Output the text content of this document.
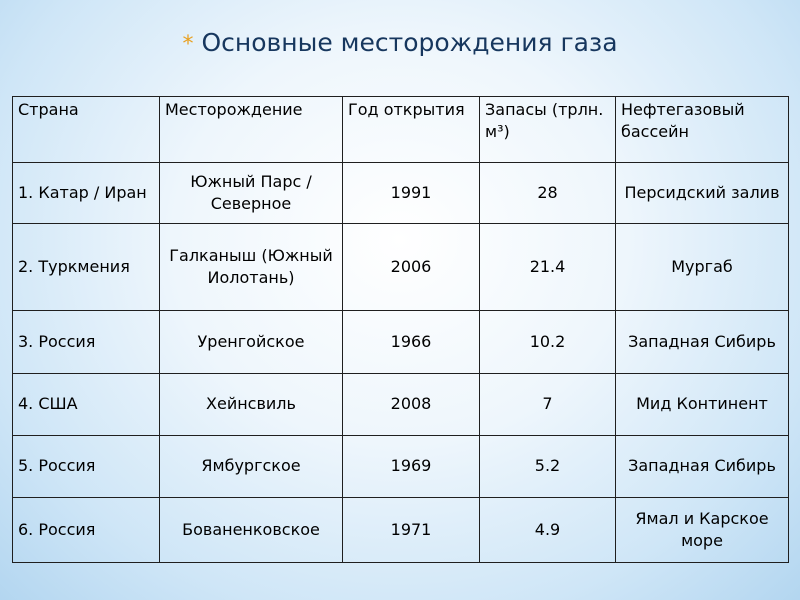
* Основные месторождения газа
Страна	Месторождение	Год открытия	Запасы (трлн. м³)	Нефтегазовый бассейн
1. Катар / Иран	Южный Парс / Северное	1991	28	Персидский залив
2. Туркмения	Галканыш (Южный Иолотань)	2006	21.4	Мургаб
3. Россия	Уренгойское	1966	10.2	Западная Сибирь
4. США	Хейнсвиль	2008	7	Мид Континент
5. Россия	Ямбургское	1969	5.2	Западная Сибирь
6. Россия	Бованенковское	1971	4.9	Ямал и Карское море
